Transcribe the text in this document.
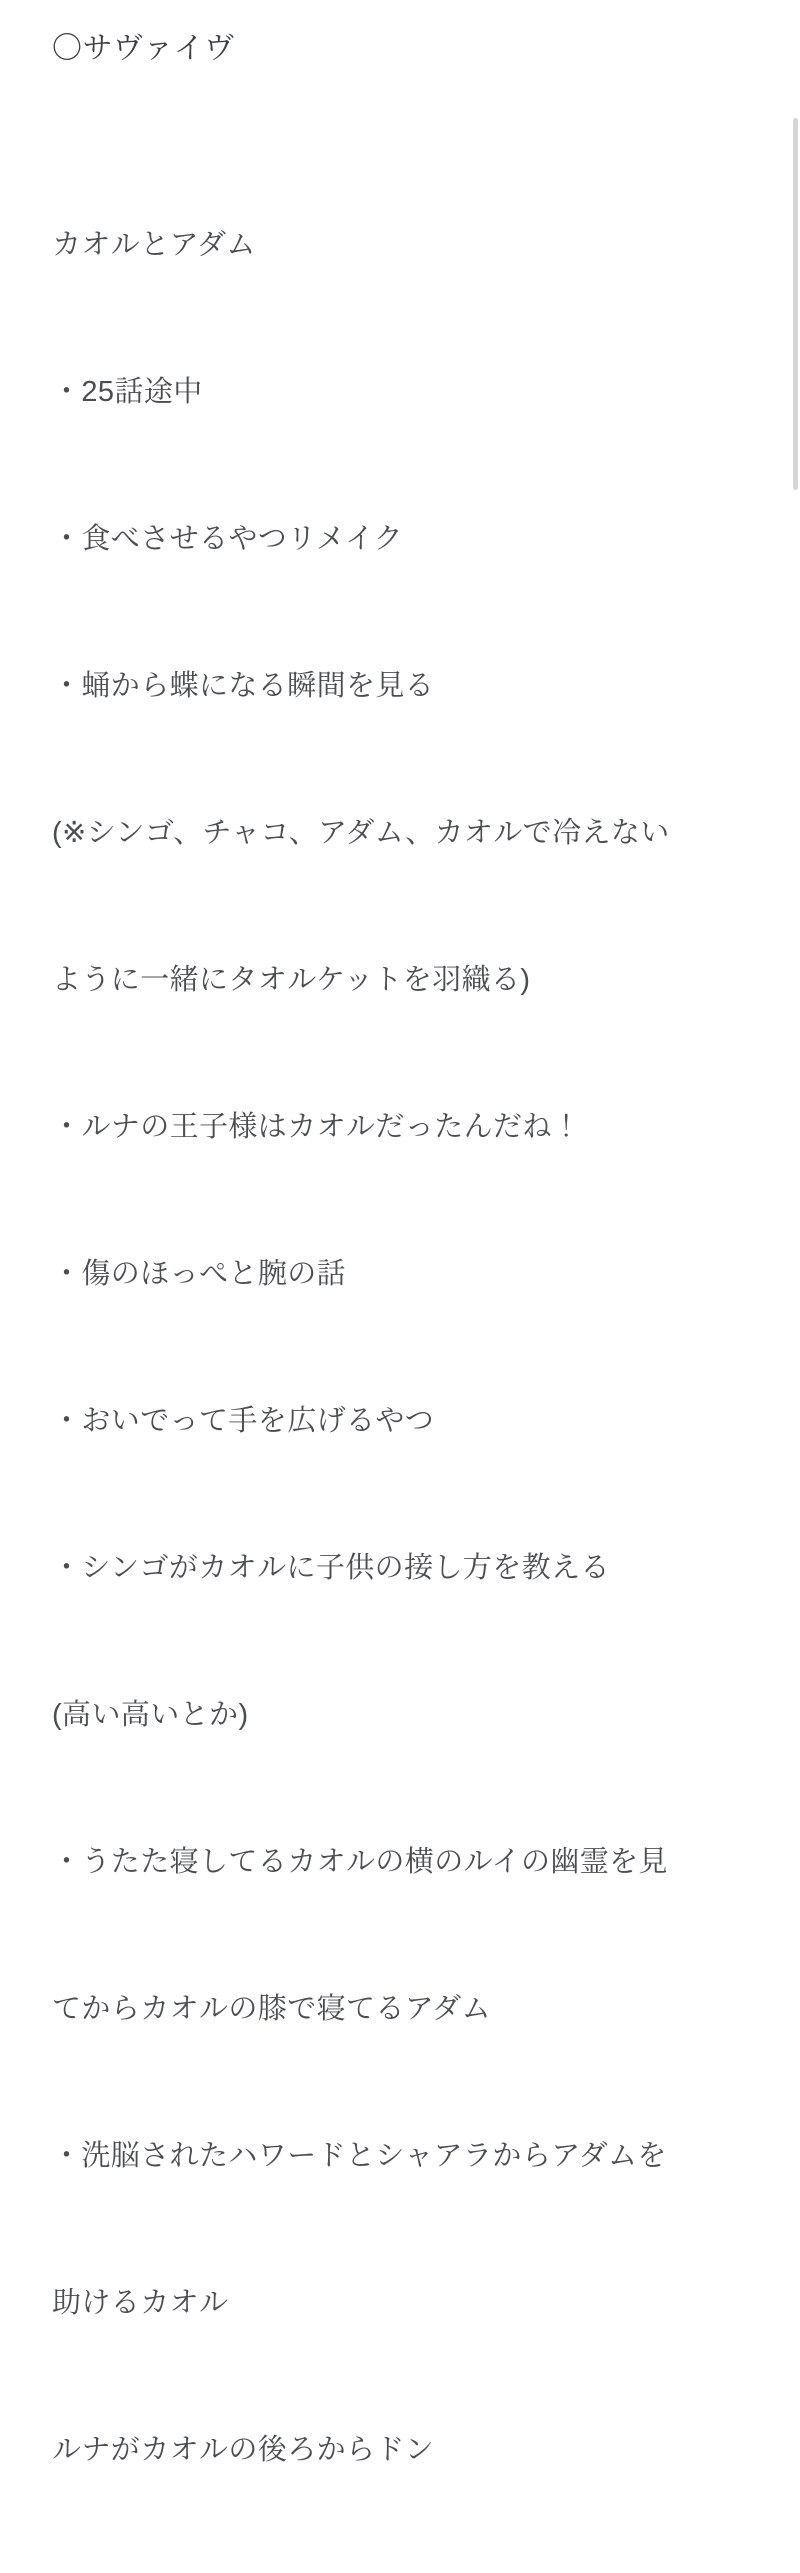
〇サヴァイヴ

カオルとアダム

・25話途中

・食べさせるやつリメイク

・蛹から蝶になる瞬間を見る

(※シンゴ、チャコ、アダム、カオルで冷えない

ように一緒にタオルケットを羽織る)

・ルナの王子様はカオルだったんだね！

・傷のほっぺと腕の話

・おいでって手を広げるやつ

・シンゴがカオルに子供の接し方を教える

(高い高いとか)

・うたた寝してるカオルの横のルイの幽霊を見

てからカオルの膝で寝てるアダム

・洗脳されたハワードとシャアラからアダムを

助けるカオル

ルナがカオルの後ろからドン
